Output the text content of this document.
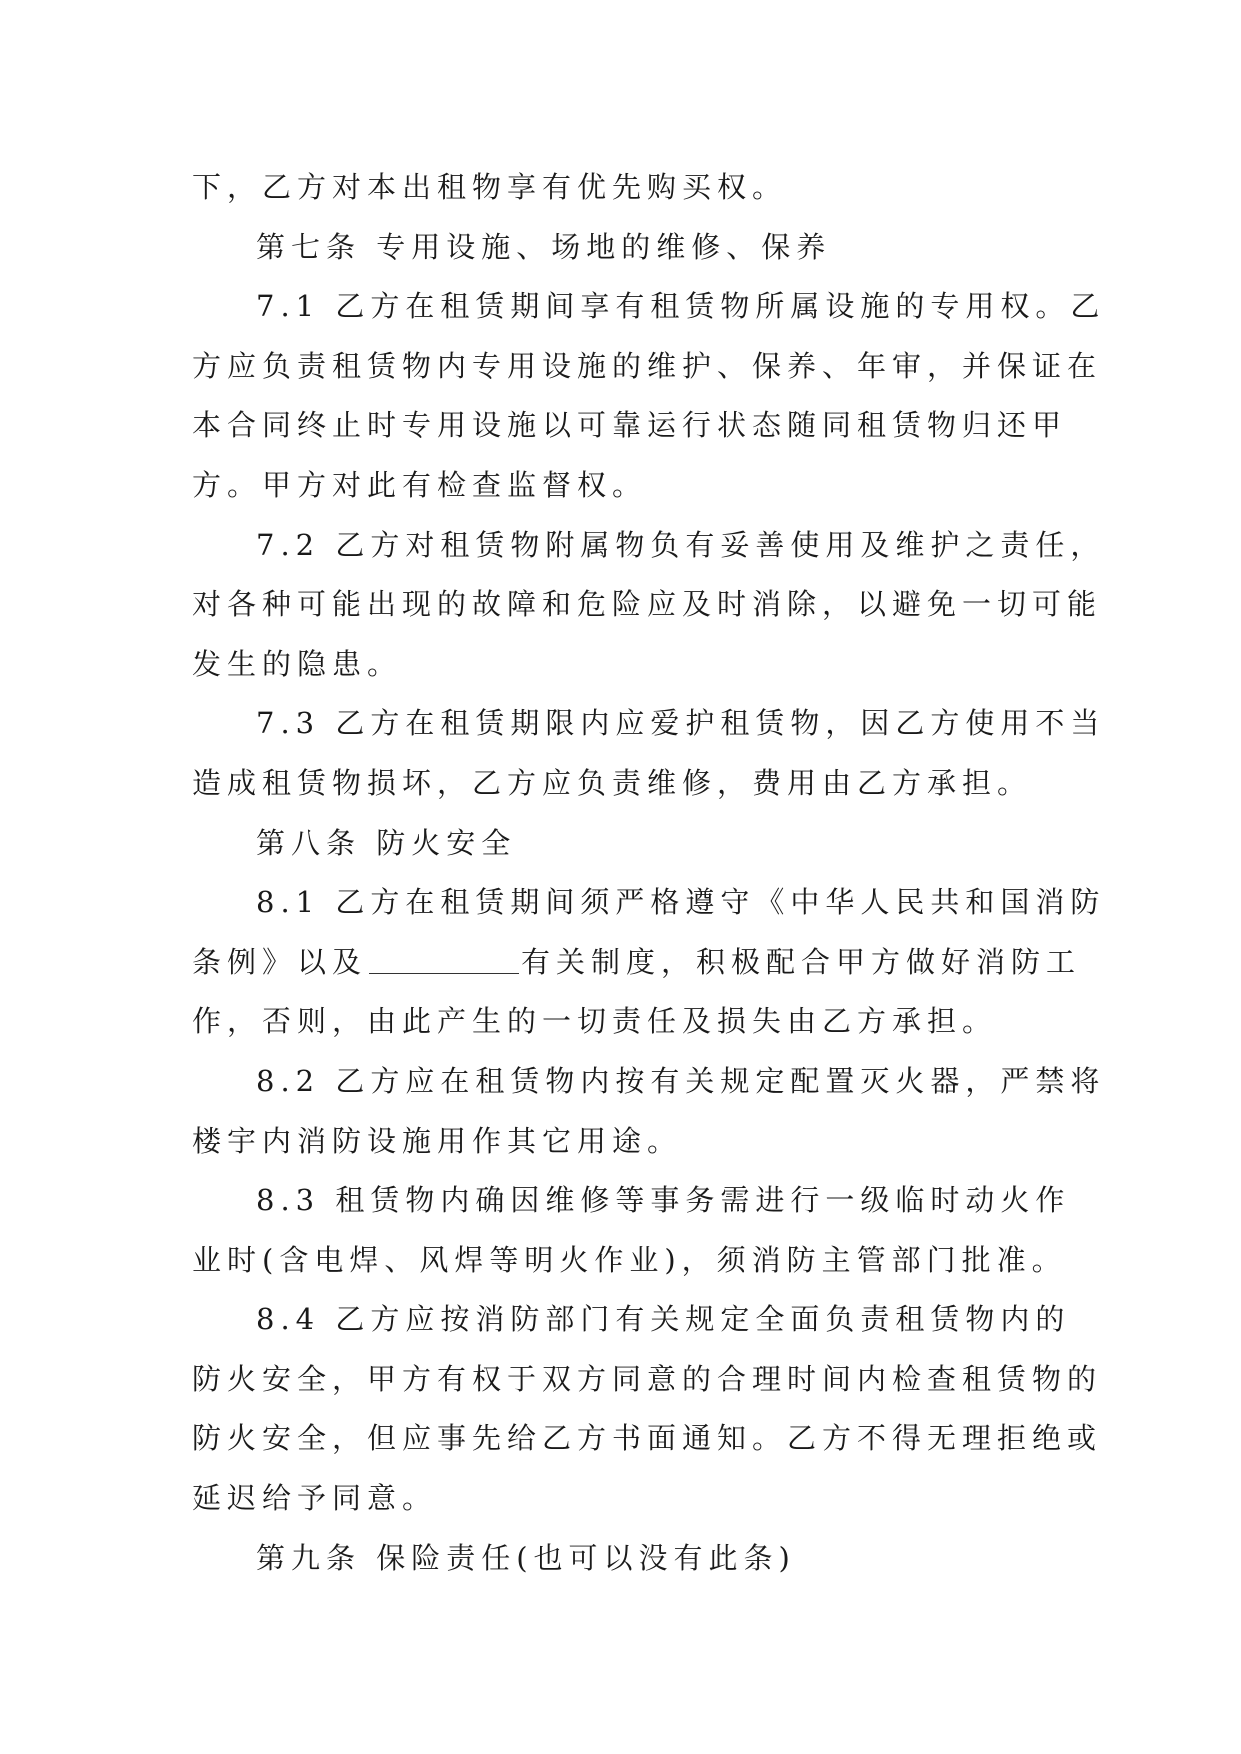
下，乙方对本出租物享有优先购买权。
第七条 专用设施、场地的维修、保养
7.1 乙方在租赁期间享有租赁物所属设施的专用权。乙
方应负责租赁物内专用设施的维护、保养、年审，并保证在
本合同终止时专用设施以可靠运行状态随同租赁物归还甲
方。甲方对此有检查监督权。
7.2 乙方对租赁物附属物负有妥善使用及维护之责任，
对各种可能出现的故障和危险应及时消除，以避免一切可能
发生的隐患。
7.3 乙方在租赁期限内应爱护租赁物，因乙方使用不当
造成租赁物损坏，乙方应负责维修，费用由乙方承担。
第八条 防火安全
8.1 乙方在租赁期间须严格遵守《中华人民共和国消防
条例》以及	有关制度，积极配合甲方做好消防工
作，否则，由此产生的一切责任及损失由乙方承担。
8.2 乙方应在租赁物内按有关规定配置灭火器，严禁将
楼宇内消防设施用作其它用途。
8.3 租赁物内确因维修等事务需进行一级临时动火作
业时(含电焊、风焊等明火作业)，须消防主管部门批准。
8.4 乙方应按消防部门有关规定全面负责租赁物内的
防火安全，甲方有权于双方同意的合理时间内检查租赁物的
防火安全，但应事先给乙方书面通知。乙方不得无理拒绝或
延迟给予同意。
第九条 保险责任(也可以没有此条)
